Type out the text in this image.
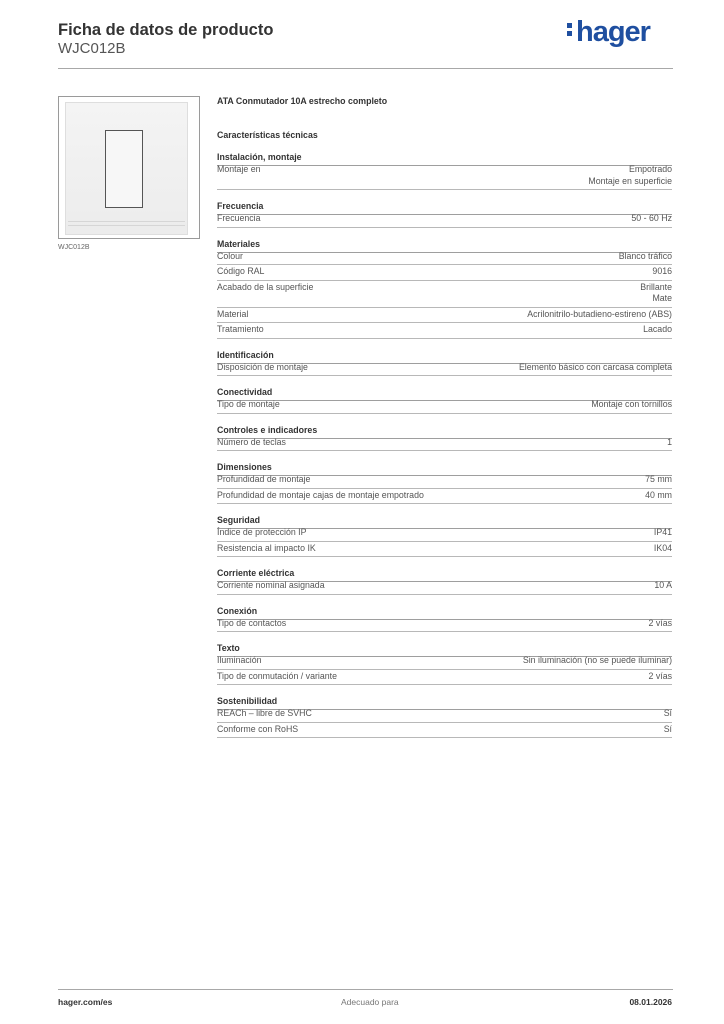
Ficha de datos de producto
WJC012B
hager
WJC012B
ATA Conmutador 10A estrecho completo
Características técnicas
Instalación, montaje
Montaje en	Empotrado
Montaje en superficie
Frecuencia
Frecuencia	50 - 60 Hz
Materiales
Colour	Blanco tráfico
Código RAL	9016
Acabado de la superficie	Brillante
Mate
Material	Acrilonitrilo-butadieno-estireno (ABS)
Tratamiento	Lacado
Identificación
Disposición de montaje	Elemento básico con carcasa completa
Conectividad
Tipo de montaje	Montaje con tornillos
Controles e indicadores
Número de teclas	1
Dimensiones
Profundidad de montaje	75 mm
Profundidad de montaje cajas de montaje empotrado	40 mm
Seguridad
Índice de protección IP	IP41
Resistencia al impacto IK	IK04
Corriente eléctrica
Corriente nominal asignada	10 A
Conexión
Tipo de contactos	2 vías
Texto
Iluminación	Sin iluminación (no se puede iluminar)
Tipo de conmutación / variante	2 vías
Sostenibilidad
REACh – libre de SVHC	Sí
Conforme con RoHS	Sí
hager.com/es	Adecuado para	08.01.2026
